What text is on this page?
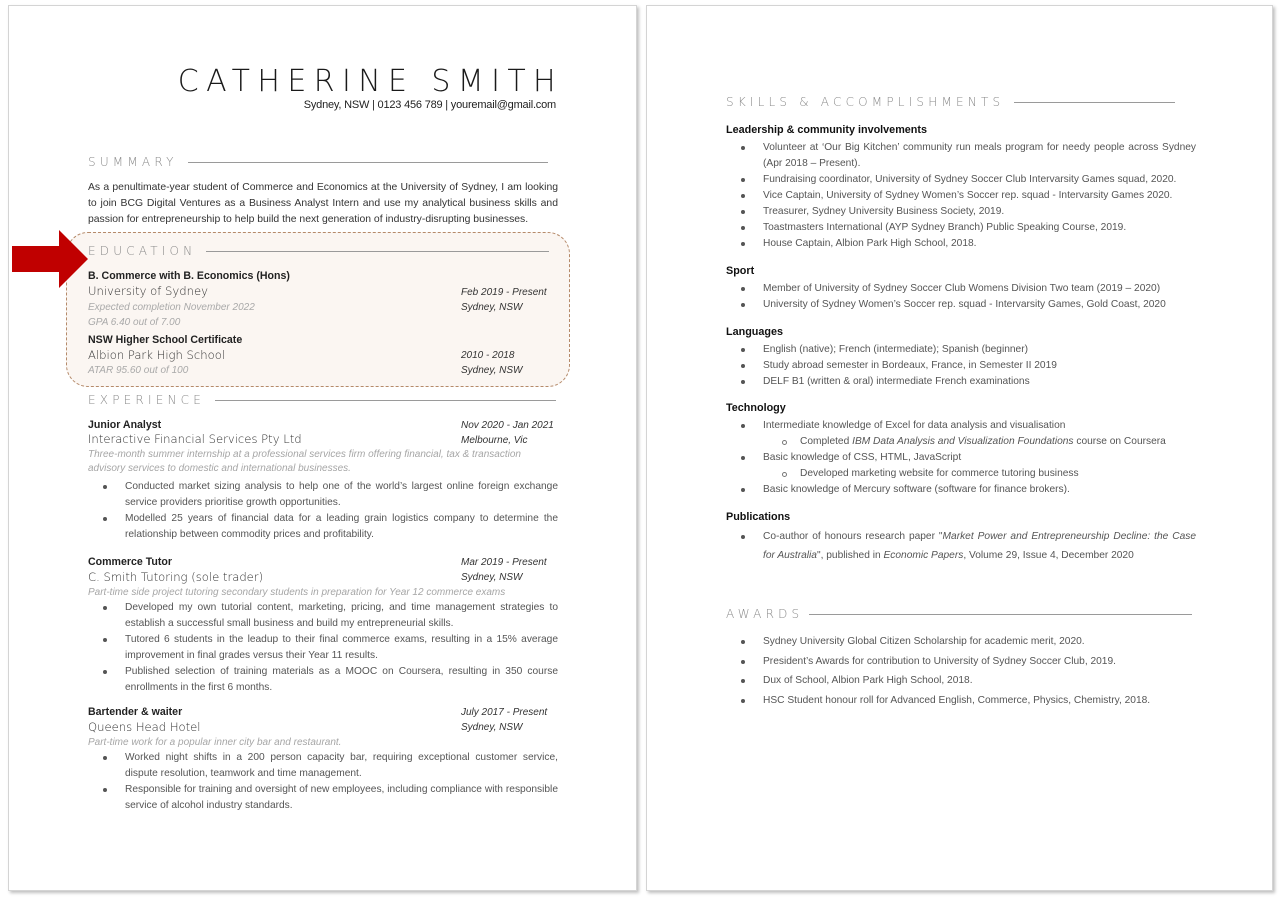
CATHERINE SMITH
Sydney, NSW | 0123 456 789 | youremail@gmail.com
SUMMARY
As a penultimate-year student of Commerce and Economics at the University of Sydney, I am looking to join BCG Digital Ventures as a Business Analyst Intern and use my analytical business skills and passion for entrepreneurship to help build the next generation of industry-disrupting businesses.
EDUCATION
B. Commerce with B. Economics (Hons)
University of Sydney	Feb 2019 - Present
Expected completion November 2022	Sydney, NSW
GPA 6.40 out of 7.00
NSW Higher School Certificate
Albion Park High School	2010 - 2018
ATAR 95.60 out of 100	Sydney, NSW
EXPERIENCE
Junior Analyst	Nov 2020 - Jan 2021
Interactive Financial Services Pty Ltd	Melbourne, Vic
Three-month summer internship at a professional services firm offering financial, tax & transaction advisory services to domestic and international businesses.
Conducted market sizing analysis to help one of the world’s largest online foreign exchange service providers prioritise growth opportunities.
Modelled 25 years of financial data for a leading grain logistics company to determine the relationship between commodity prices and profitability.
Commerce Tutor	Mar 2019 - Present
C. Smith Tutoring (sole trader)	Sydney, NSW
Part-time side project tutoring secondary students in preparation for Year 12 commerce exams
Developed my own tutorial content, marketing, pricing, and time management strategies to establish a successful small business and build my entrepreneurial skills.
Tutored 6 students in the leadup to their final commerce exams, resulting in a 15% average improvement in final grades versus their Year 11 results.
Published selection of training materials as a MOOC on Coursera, resulting in 350 course enrollments in the first 6 months.
Bartender & waiter	July 2017 - Present
Queens Head Hotel	Sydney, NSW
Part-time work for a popular inner city bar and restaurant.
Worked night shifts in a 200 person capacity bar, requiring exceptional customer service, dispute resolution, teamwork and time management.
Responsible for training and oversight of new employees, including compliance with responsible service of alcohol industry standards.
SKILLS & ACCOMPLISHMENTS
Leadership & community involvements
Volunteer at ‘Our Big Kitchen’ community run meals program for needy people across Sydney (Apr 2018 – Present).
Fundraising coordinator, University of Sydney Soccer Club Intervarsity Games squad, 2020.
Vice Captain, University of Sydney Women’s Soccer rep. squad - Intervarsity Games 2020.
Treasurer, Sydney University Business Society, 2019.
Toastmasters International (AYP Sydney Branch) Public Speaking Course, 2019.
House Captain, Albion Park High School, 2018.
Sport
Member of University of Sydney Soccer Club Womens Division Two team (2019 – 2020)
University of Sydney Women’s Soccer rep. squad - Intervarsity Games, Gold Coast, 2020
Languages
English (native); French (intermediate); Spanish (beginner)
Study abroad semester in Bordeaux, France, in Semester II 2019
DELF B1 (written & oral) intermediate French examinations
Technology
Intermediate knowledge of Excel for data analysis and visualisation
Completed IBM Data Analysis and Visualization Foundations course on Coursera
Basic knowledge of CSS, HTML, JavaScript
Developed marketing website for commerce tutoring business
Basic knowledge of Mercury software (software for finance brokers).
Publications
Co-author of honours research paper "Market Power and Entrepreneurship Decline: the Case for Australia", published in Economic Papers, Volume 29, Issue 4, December 2020
AWARDS
Sydney University Global Citizen Scholarship for academic merit, 2020.
President’s Awards for contribution to University of Sydney Soccer Club, 2019.
Dux of School, Albion Park High School, 2018.
HSC Student honour roll for Advanced English, Commerce, Physics, Chemistry, 2018.
